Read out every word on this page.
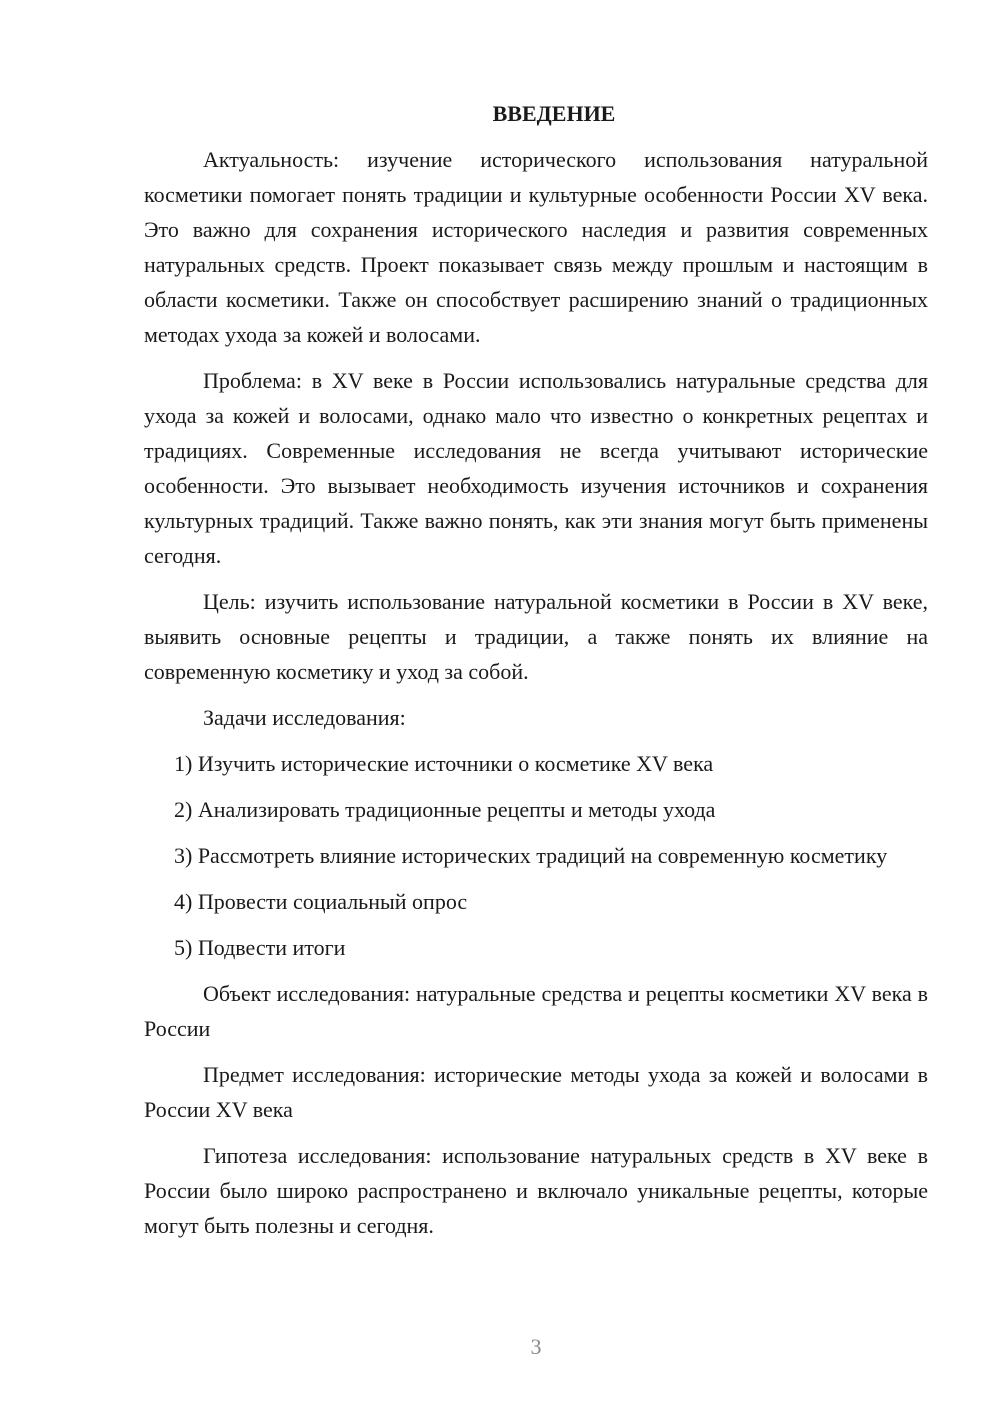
ВВЕДЕНИЕ

Актуальность: изучение исторического использования натуральной косметики помогает понять традиции и культурные особенности России XV века. Это важно для сохранения исторического наследия и развития современных натуральных средств. Проект показывает связь между прошлым и настоящим в области косметики. Также он способствует расширению знаний о традиционных методах ухода за кожей и волосами.

Проблема: в XV веке в России использовались натуральные средства для ухода за кожей и волосами, однако мало что известно о конкретных рецептах и традициях. Современные исследования не всегда учитывают исторические особенности. Это вызывает необходимость изучения источников и сохранения культурных традиций. Также важно понять, как эти знания могут быть применены сегодня.

Цель: изучить использование натуральной косметики в России в XV веке, выявить основные рецепты и традиции, а также понять их влияние на современную косметику и уход за собой.

Задачи исследования:

1) Изучить исторические источники о косметике XV века

2) Анализировать традиционные рецепты и методы ухода

3) Рассмотреть влияние исторических традиций на современную косметику

4) Провести социальный опрос

5) Подвести итоги

Объект исследования: натуральные средства и рецепты косметики XV века в России

Предмет исследования: исторические методы ухода за кожей и волосами в России XV века

Гипотеза исследования: использование натуральных средств в XV веке в России было широко распространено и включало уникальные рецепты, которые могут быть полезны и сегодня.

3
